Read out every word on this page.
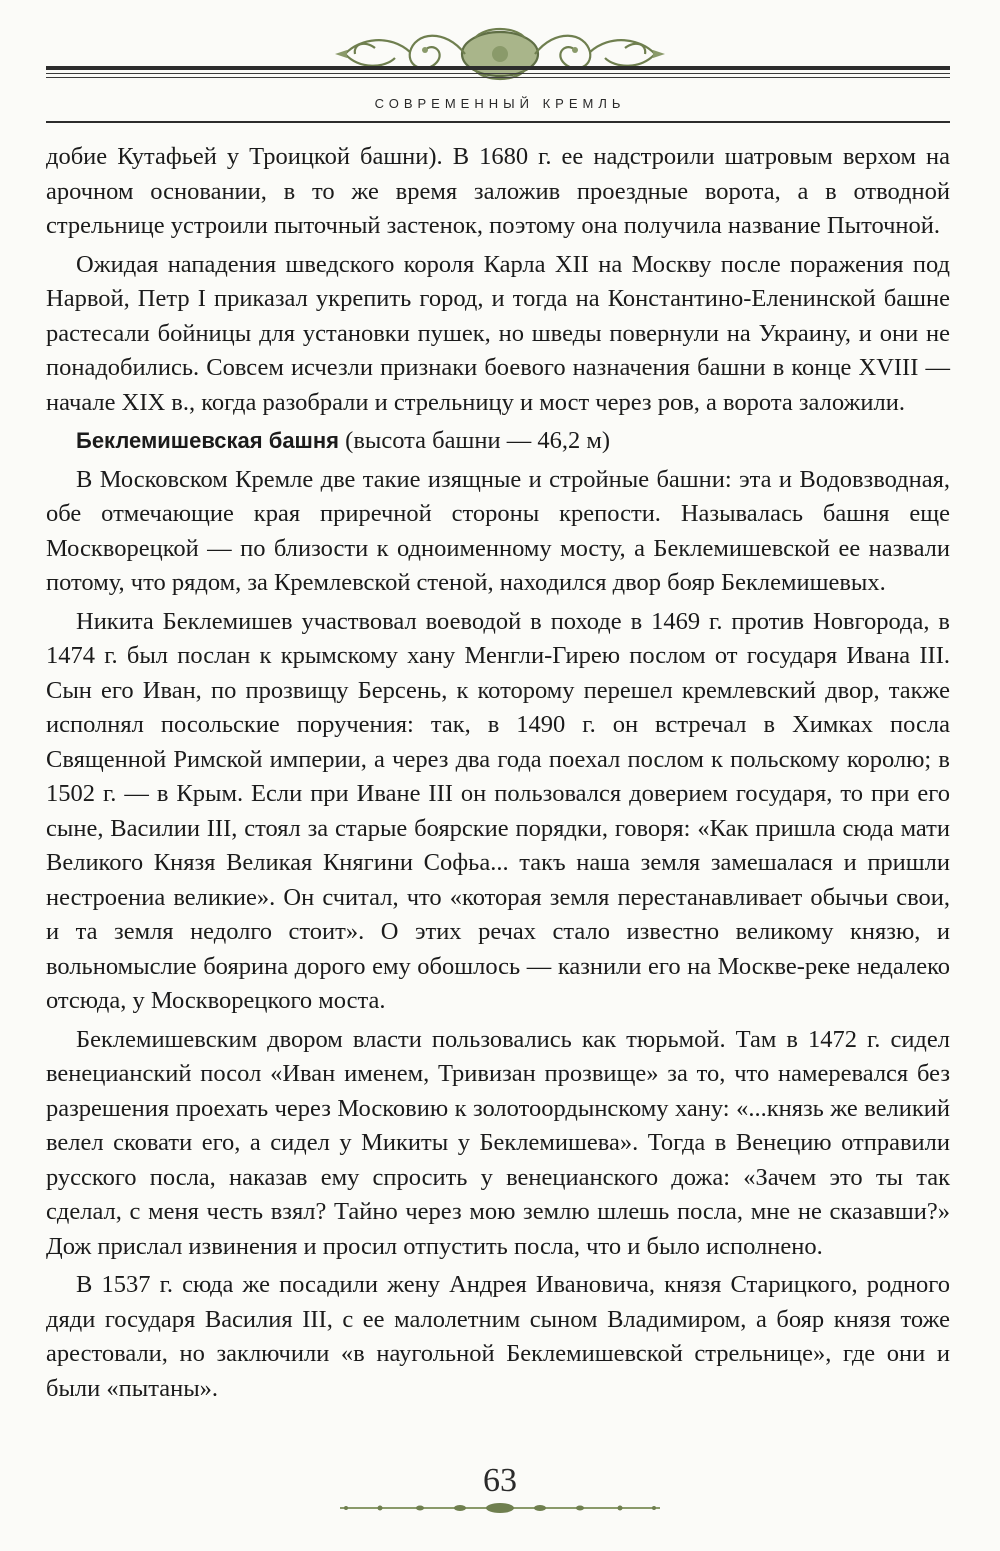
СОВРЕМЕННЫЙ КРЕМЛЬ

добие Кутафьей у Троицкой башни). В 1680 г. ее надстроили шатровым верхом на арочном основании, в то же время заложив проездные ворота, а в отводной стрельнице устроили пыточный застенок, поэтому она получила название Пыточной.

Ожидая нападения шведского короля Карла XII на Москву после поражения под Нарвой, Петр I приказал укрепить город, и тогда на Константино-Еленинской башне растесали бойницы для установки пушек, но шведы повернули на Украину, и они не понадобились. Совсем исчезли признаки боевого назначения башни в конце XVIII — начале XIX в., когда разобрали и стрельницу и мост через ров, а ворота заложили.

Беклемишевская башня (высота башни — 46,2 м)

В Московском Кремле две такие изящные и стройные башни: эта и Водовзводная, обе отмечающие края приречной стороны крепости. Называлась башня еще Москворецкой — по близости к одноименному мосту, а Беклемишевской ее назвали потому, что рядом, за Кремлевской стеной, находился двор бояр Беклемишевых.

Никита Беклемишев участвовал воеводой в походе в 1469 г. против Новгорода, в 1474 г. был послан к крымскому хану Менгли-Гирею послом от государя Ивана III. Сын его Иван, по прозвищу Берсень, к которому перешел кремлевский двор, также исполнял посольские поручения: так, в 1490 г. он встречал в Химках посла Священной Римской империи, а через два года поехал послом к польскому королю; в 1502 г. — в Крым. Если при Иване III он пользовался доверием государя, то при его сыне, Василии III, стоял за старые боярские порядки, говоря: «Как пришла сюда мати Великого Князя Великая Княгини Софьа... такъ наша земля замешалася и пришли нестроениа великие». Он считал, что «которая земля перестанавливает обычьи свои, и та земля недолго стоит». О этих речах стало известно великому князю, и вольномыслие боярина дорого ему обошлось — казнили его на Москве-реке недалеко отсюда, у Москворецкого моста.

Беклемишевским двором власти пользовались как тюрьмой. Там в 1472 г. сидел венецианский посол «Иван именем, Тривизан прозвище» за то, что намеревался без разрешения проехать через Московию к золотоордынскому хану: «...князь же великий велел сковати его, а сидел у Микиты у Беклемишева». Тогда в Венецию отправили русского посла, наказав ему спросить у венецианского дожа: «Зачем это ты так сделал, с меня честь взял? Тайно через мою землю шлешь посла, мне не сказавши?» Дож прислал извинения и просил отпустить посла, что и было исполнено.

В 1537 г. сюда же посадили жену Андрея Ивановича, князя Старицкого, родного дяди государя Василия III, с ее малолетним сыном Владимиром, а бояр князя тоже арестовали, но заключили «в наугольной Беклемишевской стрельнице», где они и были «пытаны».

63
